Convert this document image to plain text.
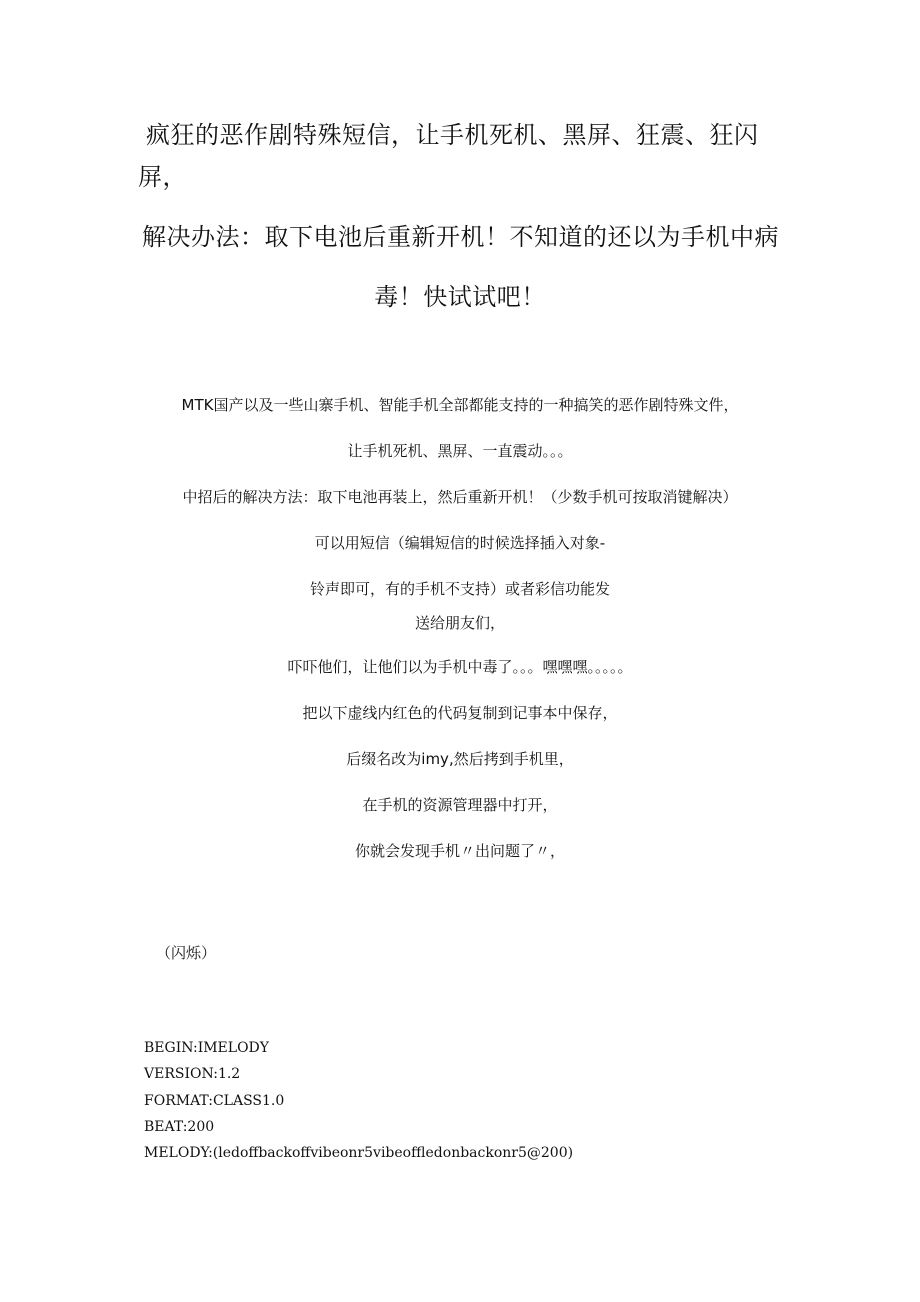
疯狂的恶作剧特殊短信，让手机死机、黑屏、狂震、狂闪
屏，
解决办法：取下电池后重新开机！不知道的还以为手机中病
毒！快试试吧！
MTK国产以及一些山寨手机、智能手机全部都能支持的一种搞笑的恶作剧特殊文件，
让手机死机、黑屏、一直震动。。。
中招后的解决方法：取下电池再装上，然后重新开机！（少数手机可按取消键解决）
可以用短信（编辑短信的时候选择插入对象-
铃声即可，有的手机不支持）或者彩信功能发
送给朋友们，
吓吓他们，让他们以为手机中毒了。。。嘿嘿嘿。。。。。
把以下虚线内红色的代码复制到记事本中保存，
后缀名改为imy,然后拷到手机里，
在手机的资源管理器中打开，
你就会发现手机〃出问题了〃，
（闪烁）
BEGIN:IMELODY
VERSION:1.2
FORMAT:CLASS1.0
BEAT:200
MELODY:(ledoffbackoffvibeonr5vibeoffledonbackonr5@200)
